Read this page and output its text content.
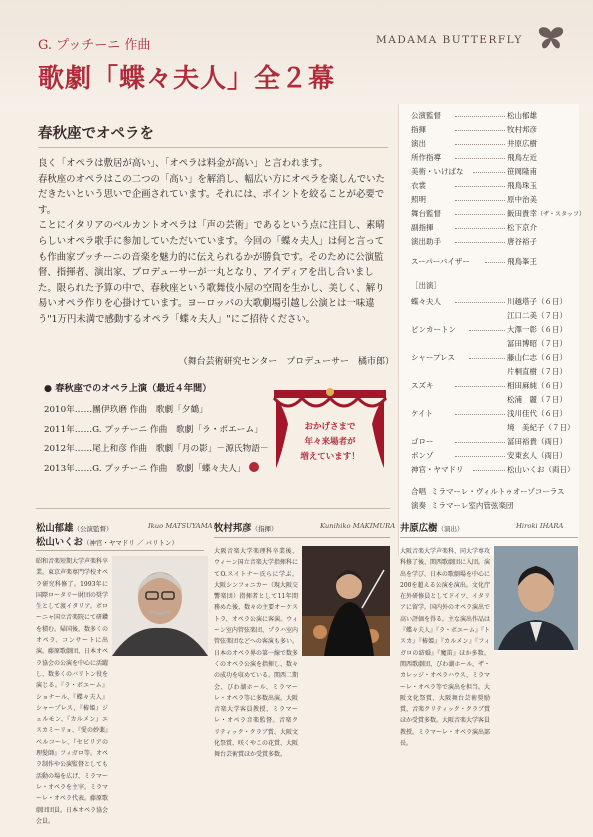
G. プッチーニ 作曲
歌劇「蝶々夫人」全２幕
MADAMA BUTTERFLY
春秋座でオペラを

良く「オペラは敷居が高い」、「オペラは料金が高い」と言われます。

春秋座のオペラはこの二つの「高い」を解消し、幅広い方にオペラを楽しんでいただきたいという思いで企画されています。それには、ポイントを絞ることが必要です。

ことにイタリアのベルカントオペラは「声の芸術」であるという点に注目し、素晴らしいオペラ歌手に参加していただいています。今回の「蝶々夫人」は何と言っても作曲家プッチーニの音楽を魅力的に伝えられるかが勝負です。そのために公演監督、指揮者、演出家、プロデューサーが一丸となり、アイディアを出し合いました。限られた予算の中で、春秋座という歌舞伎小屋の空間を生かし、美しく、解り易いオペラ作りを心掛けています。ヨーロッパの大歌劇場引越し公演とは一味違う"1万円未満で感動するオペラ「蝶々夫人」"にご招待ください。

（舞台芸術研究センター　プロデューサー　橘市郎）
● 春秋座でのオペラ上演（最近４年間）
2010年……團伊玖磨 作曲　歌劇「夕鶴」
2011年……G. プッチーニ 作曲　歌劇「ラ・ボエーム」
2012年……尾上和彦 作曲　歌劇「月の影」－源氏物語－
2013年……G. プッチーニ 作曲　歌劇「蝶々夫人」
おかげさまで
年々来場者が
増えています！
公演監督	松山郁雄
指揮	牧村邦彦
演出	井原広樹
所作指導	飛鳥左近
美術・いけばな	笹岡隆甫
衣裳	飛鳥珠玉
照明	原中治美
舞台監督	飯田貴幸（ザ・スタッフ）
副指揮	松下京介
演出助手	唐谷裕子
スーパーバイザー	飛鳥峯王
［出演］
蝶々夫人	川越塔子（６日）
江口二美（７日）
ピンカートン	大澤一彰（６日）
冨田博昭（７日）
シャープレス	藤山仁志（６日）
片桐直樹（７日）
スズキ	相田麻純（６日）
松浦　麗（７日）
ケイト	浅川佳代（６日）
境　美紀子（７日）
ゴロー	冨田裕貴（両日）
ボンゾ	安東玄人（両日）
神官・ヤマドリ	松山いくお（両日）
合唱 ミラマーレ・ヴィルトゥオーゾコーラス
演奏 ミラマーレ室内管弦楽団
松山郁雄（公演監督）	Ikuo MATSUYAMA
松山いくお（神官・ヤマドリ ／ バリトン）
昭和音楽短期大学声楽科卒業。東京声楽専門学校オペラ研究科修了。1993年に国際ロータリー財団の奨学生として渡イタリア。ボローニャ国立音楽院にて研鑽を積む。帰国後、数多くのオペラ、コンサートに出演。藤原歌劇団、日本オペラ協会の公演を中心に活躍し、数多くのバリトン役を演じる。『ラ・ボエーム』ショナール、『蝶々夫人』シャープレス、『椿姫』ジェルモン、『カルメン』エスカミーリョ、『愛の妙薬』ベルコーレ、『セビリアの理髪師』フィガロ等。オペラ制作や公演監督としても活動の場を広げ、ミラマーレ・オペラを主宰。ミラマーレ・オペラ代表。藤原歌劇団団員。日本オペラ協会会員。
牧村邦彦（指揮）	Kunihiko MAKIMURA
大阪音楽大学楽理科卒業後、ウィーン国立音楽大学指揮科にてO.スイトナー氏らに学ぶ。大阪シンフォニカー（現大阪交響楽団）指揮者として11年間務めた後、数々の主要オーケストラ、オペラ公演に客演。ウィーン室内管弦楽団、プラハ室内管弦楽団などへの客演も多い。日本のオペラ界の第一線で数多くのオペラ公演を指揮し、数々の成功を収めている。関西二期会、びわ湖ホール、ミラマーレ・オペラ等に多数出演。大阪音楽大学客員教授、ミラマーレ・オペラ音楽監督。音楽クリティック・クラブ賞、大阪文化祭賞、咲くやこの花賞、大阪舞台芸術賞ほか受賞多数。
井原広樹（演出）	Hiroki IHARA
大阪音楽大学声楽科、同大学専攻科修了後、関西歌劇団に入団。演出を学び、日本の歌劇場を中心に200を超える公演を演出。文化庁在外研修員としてドイツ、イタリアに留学。国内外のオペラ演出で高い評価を得る。主な演出作品は『蝶々夫人』『ラ・ボエーム』『トスカ』『椿姫』『カルメン』『フィガロの結婚』『魔笛』ほか多数。関西歌劇団、びわ湖ホール、ザ・カレッジ・オペラハウス、ミラマーレ・オペラ等で演出を担当。大阪文化祭賞、大阪舞台芸術奨励賞、音楽クリティック・クラブ賞ほか受賞多数。大阪音楽大学客員教授。ミラマーレ・オペラ演出部長。
